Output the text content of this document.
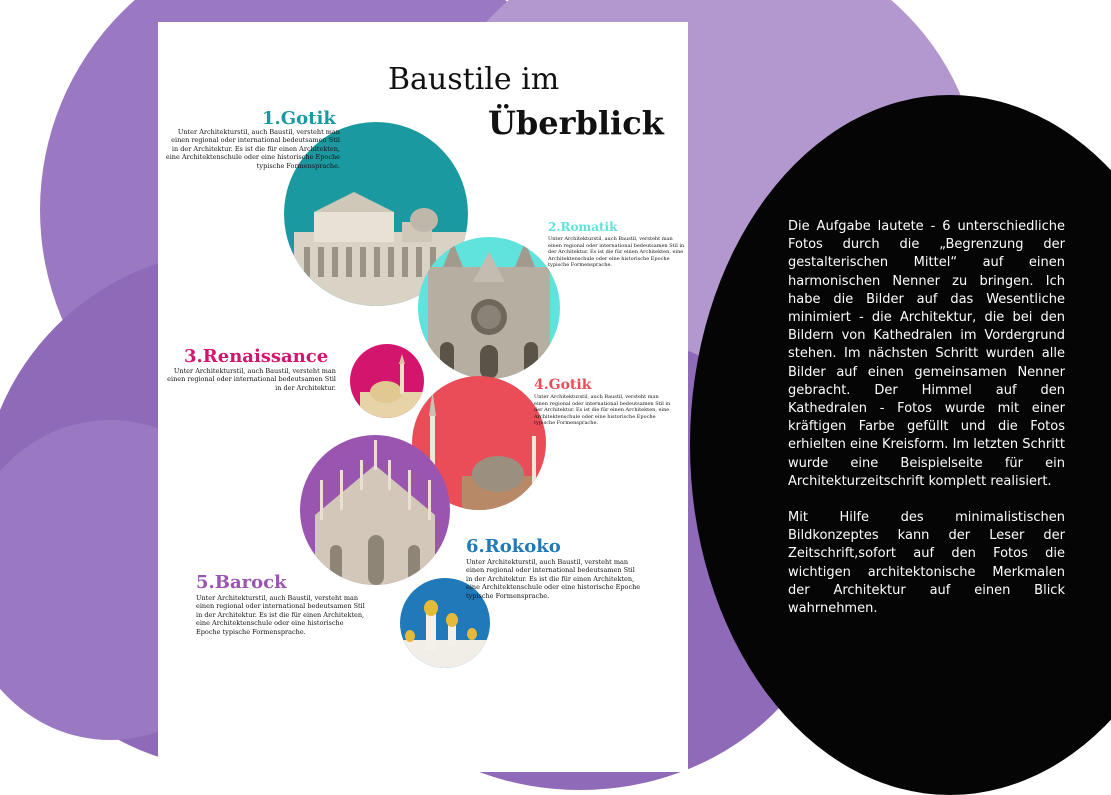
Baustile im
Überblick
1.Gotik
Unter Architekturstil, auch Baustil, versteht man einen regional oder international bedeutsamen Stil in der Architektur. Es ist die für einen Architekten, eine Architektenschule oder eine historische Epoche typische Formensprache.
2.Romatik
Unter Architekturstil, auch Baustil, versteht man einen regional oder international bedeutsamen Stil in der Architektur. Es ist die für einen Architekten, eine Architektenschule oder eine historische Epoche typische Formensprache.
3.Renaissance
Unter Architekturstil, auch Baustil, versteht man einen regional oder international bedeutsamen Stil in der Architektur.	4.Gotik
Unter Architekturstil, auch Baustil, versteht man einen regional oder international bedeutsamen Stil in der Architektur. Es ist die für einen Architekten, eine Architektenschule oder eine historische Epoche typische Formensprache.
5.Barock
Unter Architekturstil, auch Baustil, versteht man einen regional oder international bedeutsamen Stil in der Architektur. Es ist die für einen Architekten, eine Architektenschule oder eine historische Epoche typische Formensprache.
6.Rokoko
Unter Architekturstil, auch Baustil, versteht man einen regional oder international bedeutsamen Stil in der Architektur. Es ist die für einen Architekten, eine Architektenschule oder eine historische Epoche typische Formensprache.

Die Aufgabe lautete - 6 unterschiedliche Fotos durch die „Begrenzung der gestalterischen Mittel“ auf einen harmonischen Nenner zu bringen. Ich habe die Bilder auf das Wesentliche minimiert - die Architektur, die bei den Bildern von Kathedralen im Vordergrund stehen. Im nächsten Schritt wurden alle Bilder auf einen gemeinsamen Nenner gebracht. Der Himmel auf den Kathedralen - Fotos wurde mit einer kräftigen Farbe gefüllt und die Fotos erhielten eine Kreisform. Im letzten Schritt wurde eine Beispielseite für ein Architekturzeitschrift komplett realisiert.

Mit Hilfe des minimalistischen Bildkonzeptes kann der Leser der Zeitschrift,sofort auf den Fotos die wichtigen architektonische Merkmalen der Architektur auf einen Blick wahrnehmen.
